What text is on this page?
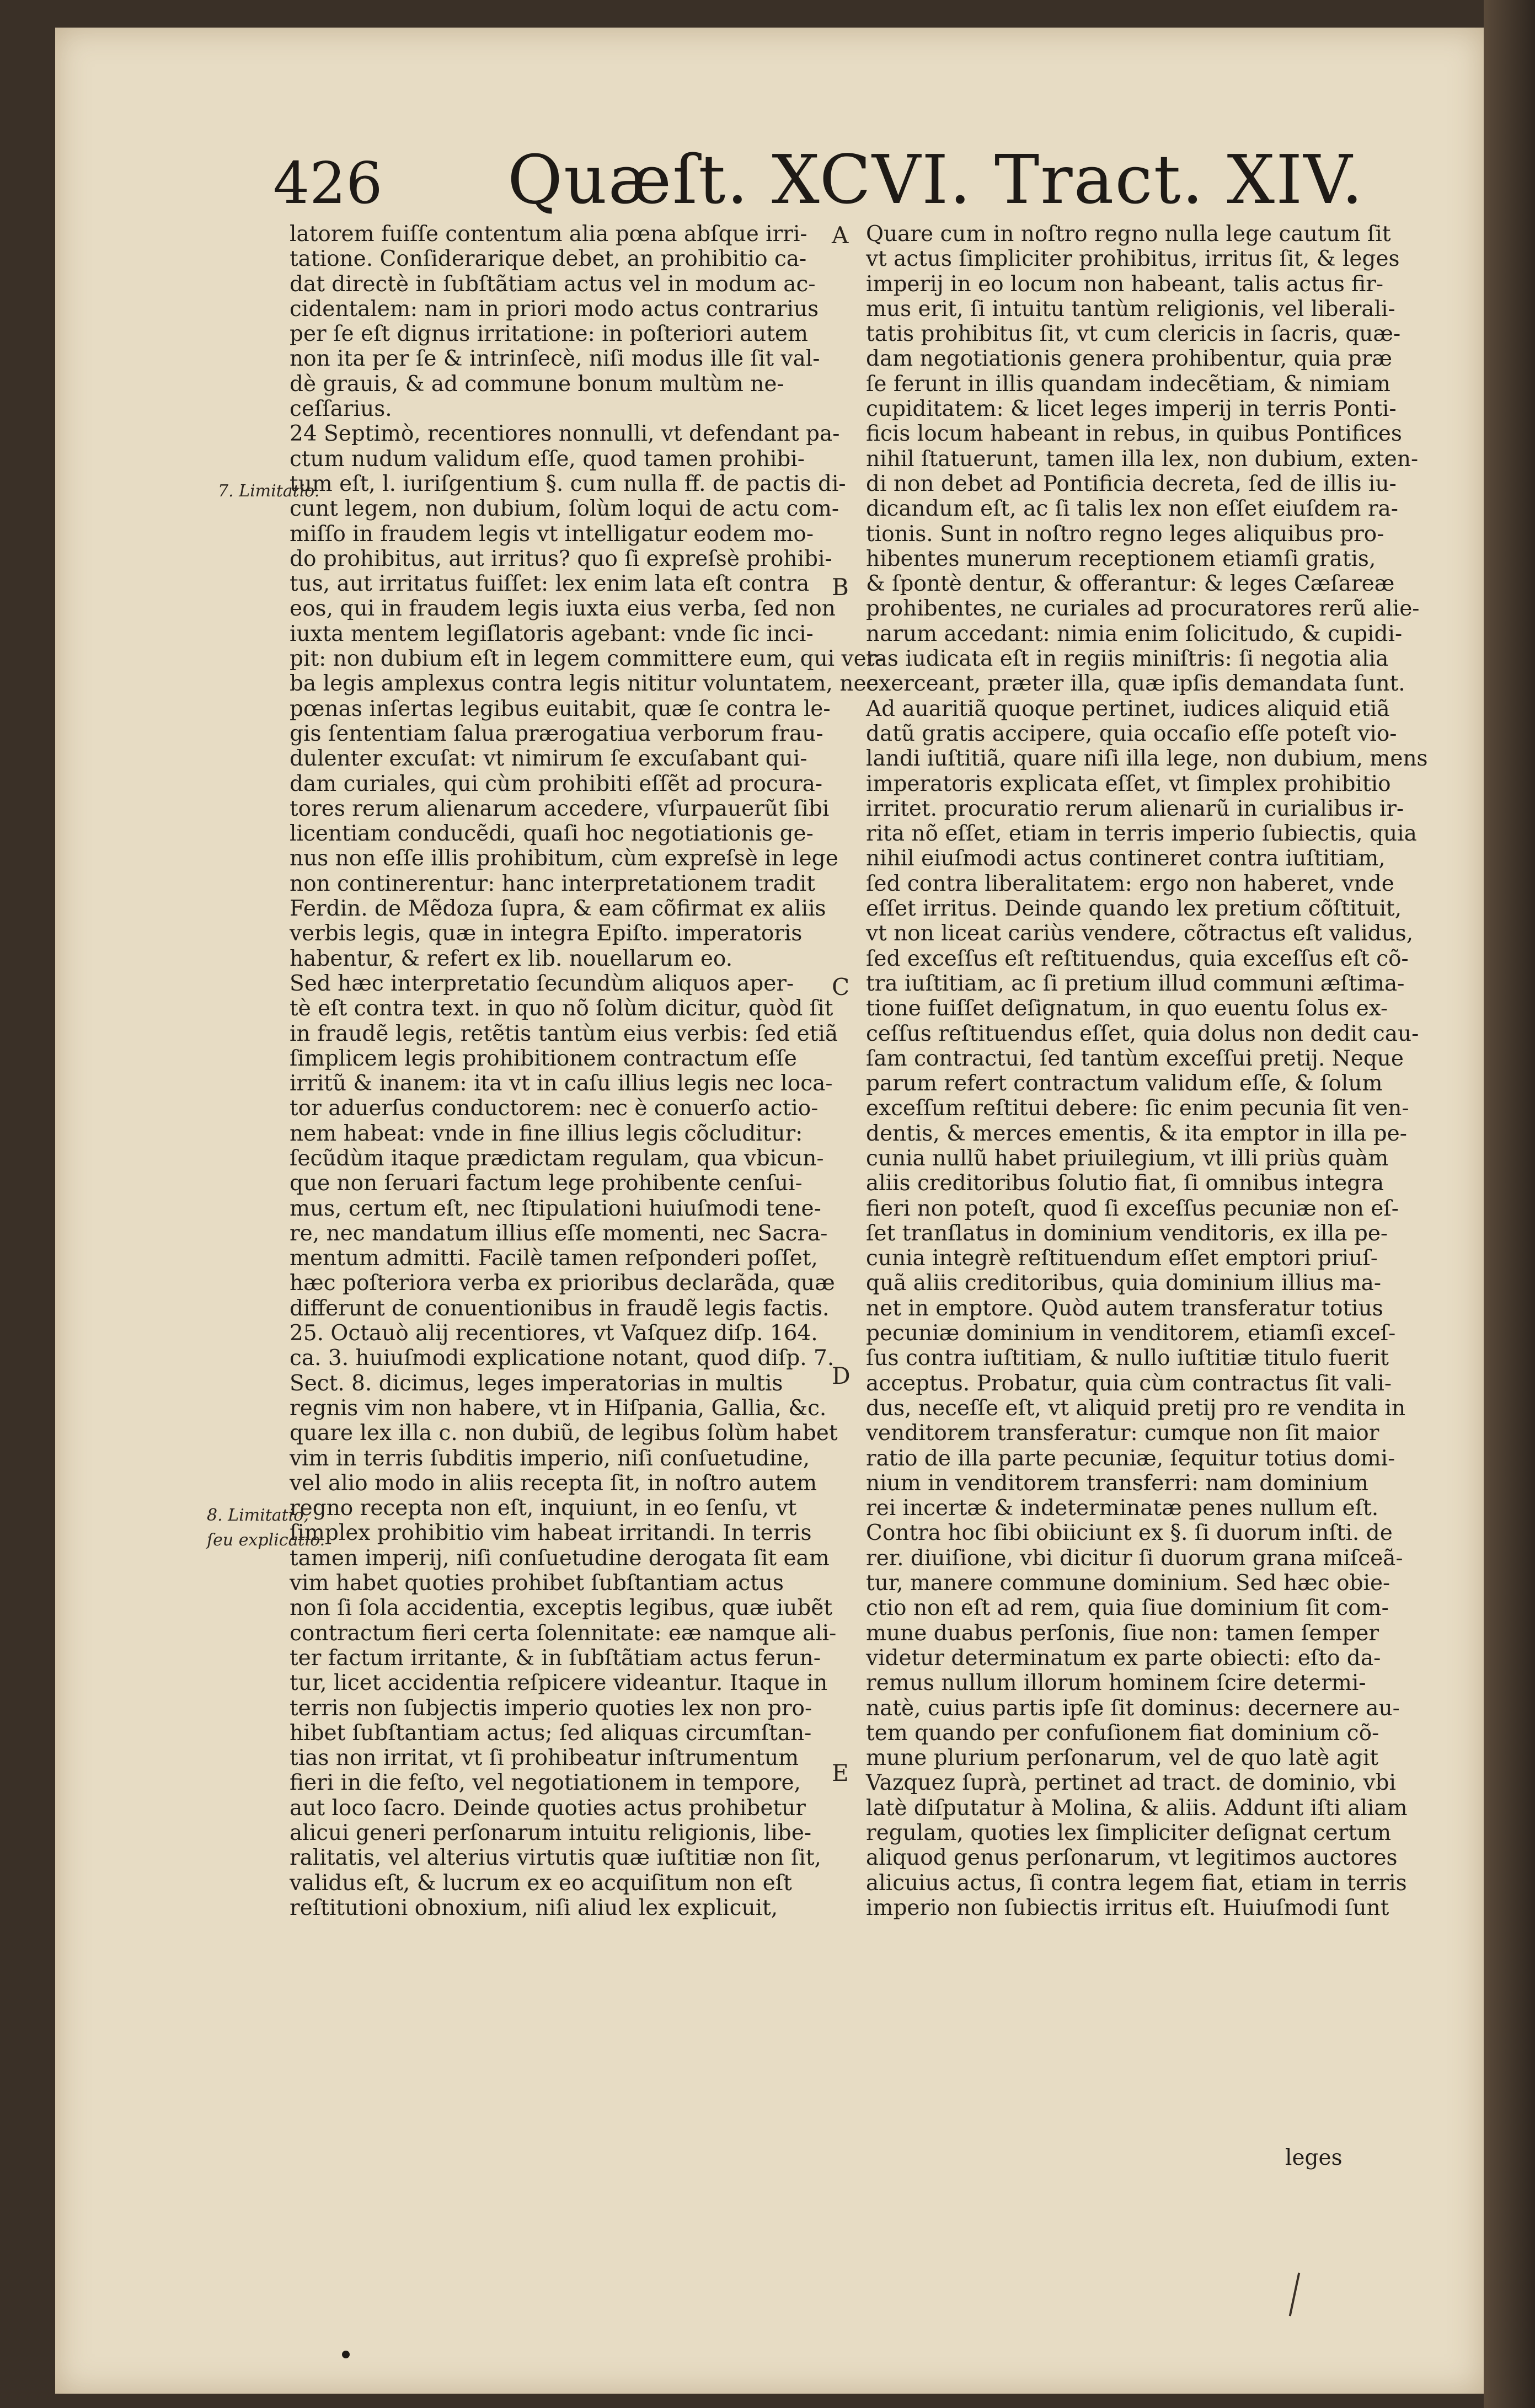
426 Quæſt. XCVI. Tract. XIV.
latorem fuiſſe contentum alia pœna abſque irri-
tatione. Conſiderarique debet, an prohibitio ca-
dat directè in ſubſtãtiam actus vel in modum ac-
cidentalem: nam in priori modo actus contrarius
per ſe eſt dignus irritatione: in poſteriori autem
non ita per ſe & intrinſecè, niſi modus ille ſit val-
dè grauis, & ad commune bonum multùm ne-
ceſſarius.
24 Septimò, recentiores nonnulli, vt defendant pa-
ctum nudum validum eſſe, quod tamen prohibi-
tum eſt, l. iuriſgentium §. cum nulla ff. de pactis di-
cunt legem, non dubium, ſolùm loqui de actu com-
miſſo in fraudem legis vt intelligatur eodem mo-
do prohibitus, aut irritus? quo ſi expreſsè prohibi-
tus, aut irritatus fuiſſet: lex enim lata eſt contra
eos, qui in fraudem legis iuxta eius verba, ſed non
iuxta mentem legiſlatoris agebant: vnde ſic inci-
pit: non dubium eſt in legem committere eum, qui ver-
ba legis amplexus contra legis nititur voluntatem, nec
pœnas inſertas legibus euitabit, quæ ſe contra le-
gis ſententiam ſalua prærogatiua verborum frau-
dulenter excuſat: vt nimirum ſe excuſabant qui-
dam curiales, qui cùm prohibiti eſſẽt ad procura-
tores rerum alienarum accedere, vſurpauerũt ſibi
licentiam conducẽdi, quaſi hoc negotiationis ge-
nus non eſſe illis prohibitum, cùm expreſsè in lege
non continerentur: hanc interpretationem tradit
Ferdin. de Mẽdoza ſupra, & eam cõfirmat ex aliis
verbis legis, quæ in integra Epiſto. imperatoris
habentur, & refert ex lib. nouellarum eo.
Sed hæc interpretatio ſecundùm aliquos aper-
tè eſt contra text. in quo nõ ſolùm dicitur, quòd ſit
in fraudẽ legis, retẽtis tantùm eius verbis: ſed etiã
ſimplicem legis prohibitionem contractum eſſe
irritũ & inanem: ita vt in caſu illius legis nec loca-
tor aduerſus conductorem: nec è conuerſo actio-
nem habeat: vnde in fine illius legis cõcluditur:
ſecũdùm itaque prædictam regulam, qua vbicun-
que non ſeruari factum lege prohibente cenſui-
mus, certum eſt, nec ſtipulationi huiuſmodi tene-
re, nec mandatum illius eſſe momenti, nec Sacra-
mentum admitti. Facilè tamen reſponderi poſſet,
hæc poſteriora verba ex prioribus declarãda, quæ
differunt de conuentionibus in fraudẽ legis factis.
25. Octauò alij recentiores, vt Vaſquez diſp. 164.
ca. 3. huiuſmodi explicatione notant, quod diſp. 7.
Sect. 8. dicimus, leges imperatorias in multis
regnis vim non habere, vt in Hiſpania, Gallia, &c.
quare lex illa c. non dubiũ, de legibus ſolùm habet
vim in terris ſubditis imperio, niſi conſuetudine,
vel alio modo in aliis recepta ſit, in noſtro autem
regno recepta non eſt, inquiunt, in eo ſenſu, vt
ſimplex prohibitio vim habeat irritandi. In terris
tamen imperij, niſi conſuetudine derogata ſit eam
vim habet quoties prohibet ſubſtantiam actus
non ſi ſola accidentia, exceptis legibus, quæ iubẽt
contractum fieri certa ſolennitate: eæ namque ali-
ter factum irritante, & in ſubſtãtiam actus ferun-
tur, licet accidentia reſpicere videantur. Itaque in
terris non ſubjectis imperio quoties lex non pro-
hibet ſubſtantiam actus; ſed aliquas circumſtan-
tias non irritat, vt ſi prohibeatur inſtrumentum
fieri in die feſto, vel negotiationem in tempore,
aut loco ſacro. Deinde quoties actus prohibetur
alicui generi perſonarum intuitu religionis, libe-
ralitatis, vel alterius virtutis quæ iuſtitiæ non ſit,
validus eſt, & lucrum ex eo acquiſitum non eſt
reſtitutioni obnoxium, niſi aliud lex explicuit,
Quare cum in noſtro regno nulla lege cautum ſit
vt actus ſimpliciter prohibitus, irritus ſit, & leges
imperij in eo locum non habeant, talis actus fir-
mus erit, ſi intuitu tantùm religionis, vel liberali-
tatis prohibitus ſit, vt cum clericis in ſacris, quæ-
dam negotiationis genera prohibentur, quia præ
ſe ferunt in illis quandam indecẽtiam, & nimiam
cupiditatem: & licet leges imperij in terris Ponti-
ficis locum habeant in rebus, in quibus Pontifices
nihil ſtatuerunt, tamen illa lex, non dubium, exten-
di non debet ad Pontificia decreta, ſed de illis iu-
dicandum eſt, ac ſi talis lex non eſſet eiuſdem ra-
tionis. Sunt in noſtro regno leges aliquibus pro-
hibentes munerum receptionem etiamſi gratis,
& ſpontè dentur, & offerantur: & leges Cæſareæ
prohibentes, ne curiales ad procuratores rerũ alie-
narum accedant: nimia enim ſolicitudo, & cupidi-
tas iudicata eſt in regiis miniſtris: ſi negotia alia
exerceant, præter illa, quæ ipſis demandata ſunt.
Ad auaritiã quoque pertinet, iudices aliquid etiã
datũ gratis accipere, quia occaſio eſſe poteſt vio-
landi iuſtitiã, quare niſi illa lege, non dubium, mens
imperatoris explicata eſſet, vt ſimplex prohibitio
irritet. procuratio rerum alienarũ in curialibus ir-
rita nõ eſſet, etiam in terris imperio ſubiectis, quia
nihil eiuſmodi actus contineret contra iuſtitiam,
ſed contra liberalitatem: ergo non haberet, vnde
eſſet irritus. Deinde quando lex pretium cõſtituit,
vt non liceat cariùs vendere, cõtractus eſt validus,
ſed exceſſus eſt reſtituendus, quia exceſſus eſt cõ-
tra iuſtitiam, ac ſi pretium illud communi æſtima-
tione fuiſſet deſignatum, in quo euentu ſolus ex-
ceſſus reſtituendus eſſet, quia dolus non dedit cau-
ſam contractui, ſed tantùm exceſſui pretij. Neque
parum refert contractum validum eſſe, & ſolum
exceſſum reſtitui debere: ſic enim pecunia ſit ven-
dentis, & merces ementis, & ita emptor in illa pe-
cunia nullũ habet priuilegium, vt illi priùs quàm
aliis creditoribus ſolutio fiat, ſi omnibus integra
fieri non poteſt, quod ſi exceſſus pecuniæ non eſ-
ſet tranſlatus in dominium venditoris, ex illa pe-
cunia integrè reſtituendum eſſet emptori priuſ-
quã aliis creditoribus, quia dominium illius ma-
net in emptore. Quòd autem transferatur totius
pecuniæ dominium in venditorem, etiamſi exceſ-
ſus contra iuſtitiam, & nullo iuſtitiæ titulo fuerit
acceptus. Probatur, quia cùm contractus ſit vali-
dus, neceſſe eſt, vt aliquid pretij pro re vendita in
venditorem transferatur: cumque non ſit maior
ratio de illa parte pecuniæ, ſequitur totius domi-
nium in venditorem transferri: nam dominium
rei incertæ & indeterminatæ penes nullum eſt.
Contra hoc ſibi obiiciunt ex §. ſi duorum inſti. de
rer. diuiſione, vbi dicitur ſi duorum grana miſceã-
tur, manere commune dominium. Sed hæc obie-
ctio non eſt ad rem, quia ſiue dominium ſit com-
mune duabus perſonis, ſiue non: tamen ſemper
videtur determinatum ex parte obiecti: eſto da-
remus nullum illorum hominem ſcire determi-
natè, cuius partis ipſe ſit dominus: decernere au-
tem quando per confuſionem fiat dominium cõ-
mune plurium perſonarum, vel de quo latè agit
Vazquez ſuprà, pertinet ad tract. de dominio, vbi
latè diſputatur à Molina, & aliis. Addunt iſti aliam
regulam, quoties lex ſimpliciter deſignat certum
aliquod genus perſonarum, vt legitimos auctores
alicuius actus, ſi contra legem fiat, etiam in terris
imperio non ſubiectis irritus eſt. Huiuſmodi ſunt
A
B
C
D
E
7. Limitatio.
8. Limitatio,
ſeu explicatio.
leges
